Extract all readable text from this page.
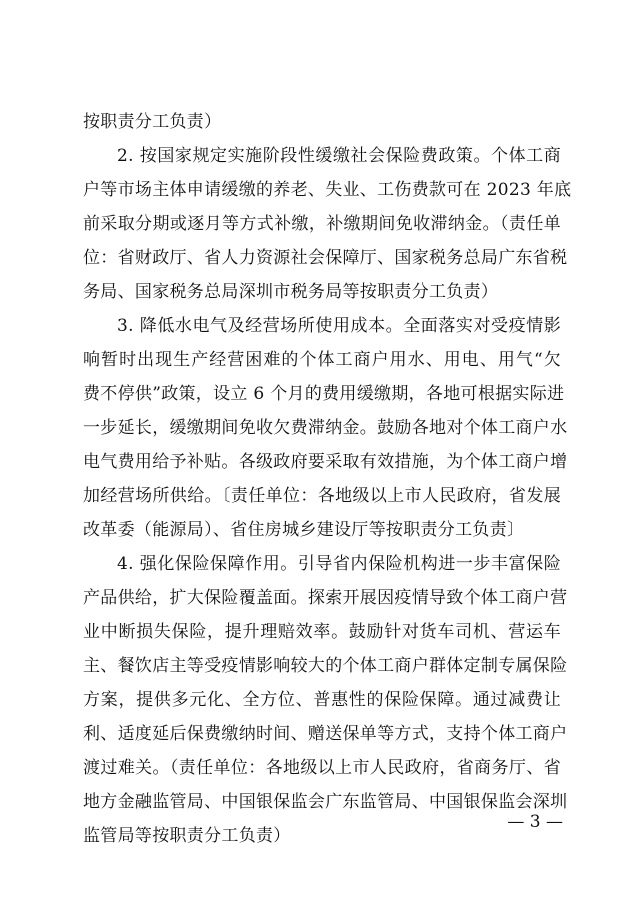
按职责分工负责）
2. 按国家规定实施阶段性缓缴社会保险费政策。个体工商
户等市场主体申请缓缴的养老、失业、工伤费款可在 2023 年底
前采取分期或逐月等方式补缴，补缴期间免收滞纳金。（责任单
位：省财政厅、省人力资源社会保障厅、国家税务总局广东省税
务局、国家税务总局深圳市税务局等按职责分工负责）
3. 降低水电气及经营场所使用成本。全面落实对受疫情影
响暂时出现生产经营困难的个体工商户用水、用电、用气“欠
费不停供”政策，设立 6 个月的费用缓缴期，各地可根据实际进
一步延长，缓缴期间免收欠费滞纳金。鼓励各地对个体工商户水
电气费用给予补贴。各级政府要采取有效措施，为个体工商户增
加经营场所供给。〔责任单位：各地级以上市人民政府，省发展
改革委（能源局）、省住房城乡建设厅等按职责分工负责〕
4. 强化保险保障作用。引导省内保险机构进一步丰富保险
产品供给，扩大保险覆盖面。探索开展因疫情导致个体工商户营
业中断损失保险，提升理赔效率。鼓励针对货车司机、营运车
主、餐饮店主等受疫情影响较大的个体工商户群体定制专属保险
方案，提供多元化、全方位、普惠性的保险保障。通过减费让
利、适度延后保费缴纳时间、赠送保单等方式，支持个体工商户
渡过难关。（责任单位：各地级以上市人民政府，省商务厅、省
地方金融监管局、中国银保监会广东监管局、中国银保监会深圳
监管局等按职责分工负责）
— 3 —
